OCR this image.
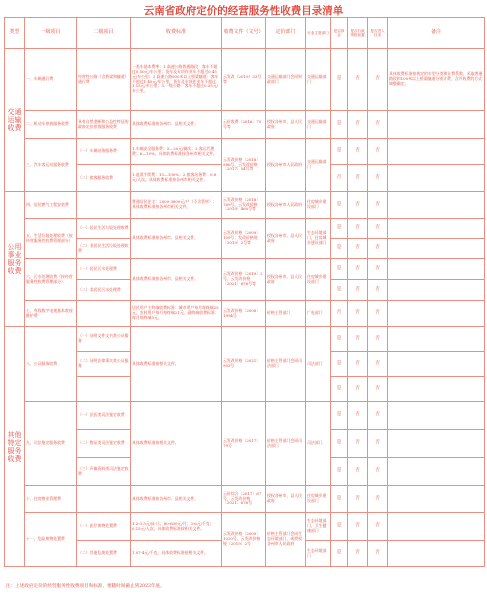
云南省政府定价的经营服务性收费目录清单
类型	一级项目	二级项目	收费标准	收费文件（文号）	定价部门	行业主管部门	是否涉企	是否行政审批前置	是否进入目录	备注
交通运输收费	一、车辆通行费	经营性公路（含桥梁和隧道）通行费	一类车基本费率：1.高速公路普通路段：客车不超过0.50元/车公里；货车及专项作业车不超过0.45元/车公里；2.高速公路900米以上桥梁隧道：客车不超过1.40元/车公里，货车及专项作业车不超过1.15元/车公里；3.一级公路：客车不超过0.35元/车公里。	云发改（2019）33号等	交通运输部门会同财政部门	交通运输部门	是	否	否	具体收费标准按规定的车型分类和计费系数，采取普通路段和100米以上桥梁隧道分别计费，含并收费的方式调整确定。
	二、机动车停放服务收费	具有自然垄断和公益性特征的政府定价停放服务收费	具体收费标准按各州市、县相关文件。	云价收费〔2016〕75号等	授权各州市、县人民政府	交通运输部门	是	否	否	
	三、汽车客运站服务收费	（一）车辆站务服务费	1.车辆安全服务费：5—20元/辆次；2.客运代理费：6—10%。具体收费标准按各州市相关文件。	云发改价格〔2018〕586号，云发改价格〔2017〕54号等	授权各州市人民政府	交通运输部门	是	否	否	
		（二）旅客服务收费	1.退票手续费：10—100%；2.旅客站务费：0.8元/人次。具体收费标准按各州市相关文件。				否	否	否	
公用事业服务收费	四、居民燃气工程安装费		普通居民住宅：2000-3800元/户（不含管材）；具体收费标准按各州市相关文件。	云发改价格〔2018〕769号，云发改价格〔2019〕460号等	授权各州市人民政府	住房城乡建设部门	是	否	否	
	五、生活垃圾处理收费（按经营服务性收费管理部分）	（一）居民生活垃圾处理收费	具体收费标准按各州市、县相关文件。	云发改价格〔2009〕109号；发改价格规〔2019〕2号等	授权各州市、县人民政府	生态环境部门、住房城乡建设部门	是	否	否	
		（二）非居民生活垃圾处理收费					是	否	否	
	六、污水处理收费（按经营服务性收费管理部分）	（一）居民污水处理费	具体收费标准按各州市、县相关文件。	云发改价格〔2019〕2号，云发改价格〔2021〕676号等	授权各州市、县人民政府	住房城乡建设部门	是	否	否	
		（二）非居民污水处理费					是	否	否	
	七、有线数字电视基本收视维护费		居民用户主终端收费标准：城市用户每月每终端25元，农村用户每月每终端21元。副终端收费标准：每月每终端5元。	云发改价格〔2008〕1994号	价格主管部门	广电部门	否	否	否	
其他特定服务收费	八、公证服务收费	（一）证明文件文书类公证服务	具体收费标准按相关文件。	云发改价格〔2021〕953号	价格主管部门会同司法部门	司法部门	是	否	否	
		（二）证明法律事实类公证服务					是	否	否	
							是	否	否	
	九、司法鉴定服务收费	（一）法医类司法鉴定收费	具体收费标准按相关文件。	云发改价格〔2017〕79号	价格主管部门会同司法部门	司法部门	是	否	否	
		（二）物证类司法鉴定收费					是	否	否	
		（三）声像资料类司法鉴定收费					是	否	否	
	十、住房物业管理费		具体收费标准按各州市、县相关文件。	云价综合〔2017〕87号，云发改价格〔2021〕676号	授权各州市、县人民政府	住房城乡建设部门	是	否	否	
	十一、危险废物处置费	（一）医疗废物处置费	1.2-3.5元/床·日；80-600元/月；3-6元/千克；0.15元/人次。具体收费标准按相关文件。	云发改价格〔2009〕1020号，云发改价格规〔2019〕2号	价格主管部门会同生态环境部门，或授权各州市人民政府	生态环境部门、卫生健康部门	是	否	否	
		（二）其他危废处置费	1.07-4元/千克。具体收费标准按相关文件。			生态环境部门	是	否	否	
注：上述政府定价的经营服务性收费项目和标准，要随时间截止到2023年底。
